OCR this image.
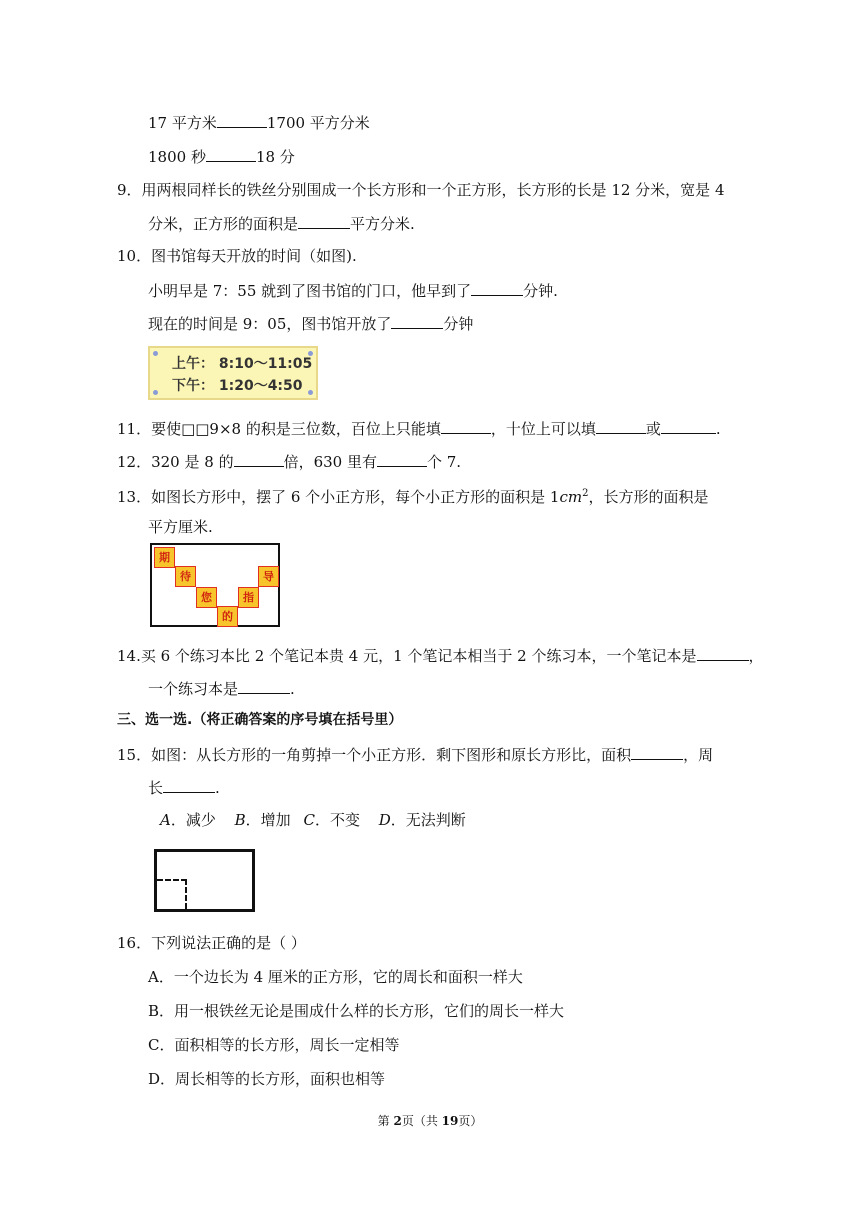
17 平方米	1700 平方分米
1800 秒	18 分
9．用两根同样长的铁丝分别围成一个长方形和一个正方形，长方形的长是 12 分米，宽是 4
分米，正方形的面积是	平方分米.
10．图书馆每天开放的时间（如图).
小明早是 7：55 就到了图书馆的门口，他早到了	分钟.
现在的时间是 9：05，图书馆开放了	分钟
上午： 8:10～11:05
下午： 1:20～4:50
11．要使□□9×8 的积是三位数，百位上只能填	，十位上可以填	或	.
12．320 是 8 的	倍，630 里有	个 7.
13．如图长方形中，摆了 6 个小正方形，每个小正方形的面积是 $1cm^2$，长方形的面积是
平方厘米.
期
待
您
的
指
导
14.买 6 个练习本比 2 个笔记本贵 4 元，1 个笔记本相当于 2 个练习本，一个笔记本是	，
一个练习本是	.
三、选一选.（将正确答案的序号填在括号里）
15．如图：从长方形的一角剪掉一个小正方形．剩下图形和原长方形比，面积	，周
长	.
A．减少 B．增加 C．不变 D．无法判断
16．下列说法正确的是（ ）
A．一个边长为 4 厘米的正方形，它的周长和面积一样大
B．用一根铁丝无论是围成什么样的长方形，它们的周长一样大
C．面积相等的长方形，周长一定相等
D．周长相等的长方形，面积也相等
第 2页（共 19页）
